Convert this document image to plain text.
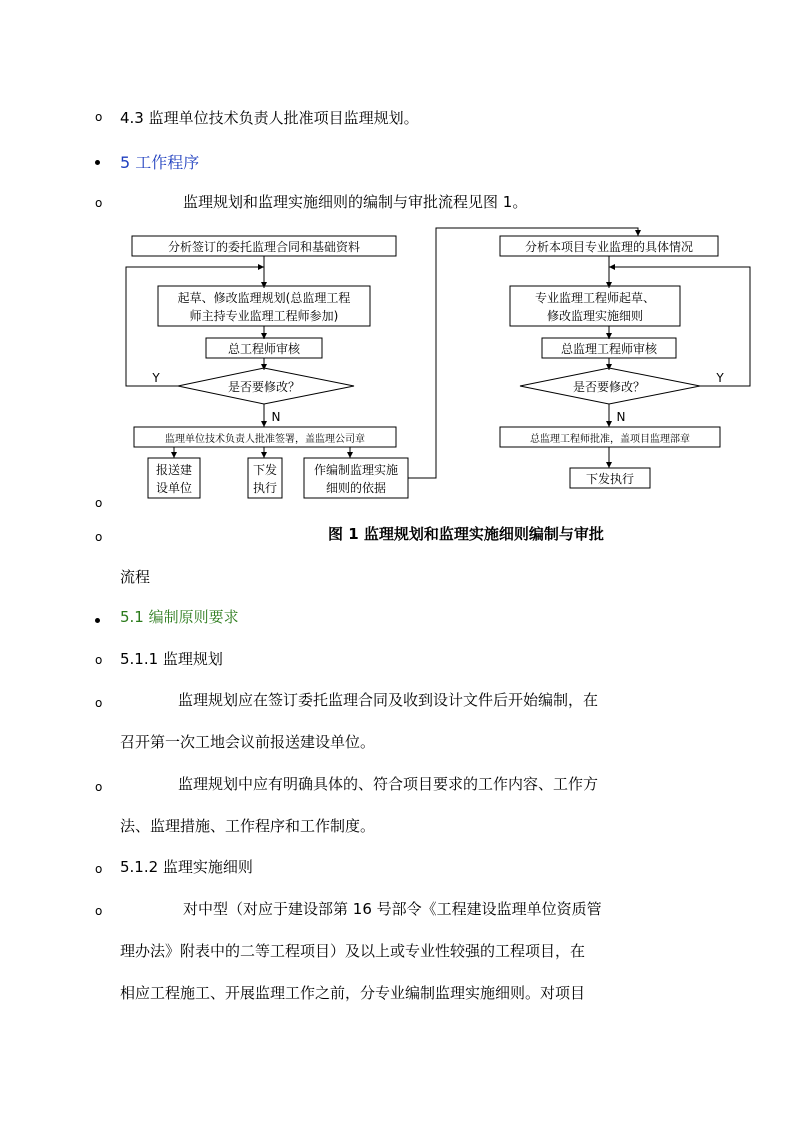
o 4.3 监理单位技术负责人批准项目监理规划。
5 工作程序
o	监理规划和监理实施细则的编制与审批流程见图 1。
分析签订的委托监理合同和基础资料
起草、修改监理规划(总监理工程
师主持专业监理工程师参加)
总工程师审核
是否要修改？
Y
N
监理单位技术负责人批准签署，盖监理公司章
报送建
设单位
下发
执行
作编制监理实施
细则的依据
分析本项目专业监理的具体情况
专业监理工程师起草、
修改监理实施细则
总监理工程师审核
是否要修改？
Y
N
总监理工程师批准，盖项目监理部章
下发执行
o
o	图 1 监理规划和监理实施细则编制与审批
流程
5.1 编制原则要求
o 5.1.1 监理规划
o	监理规划应在签订委托监理合同及收到设计文件后开始编制，在
召开第一次工地会议前报送建设单位。
o	监理规划中应有明确具体的、符合项目要求的工作内容、工作方
法、监理措施、工作程序和工作制度。
o 5.1.2 监理实施细则
o	对中型（对应于建设部第 16 号部令《工程建设监理单位资质管
理办法》附表中的二等工程项目）及以上或专业性较强的工程项目，在
相应工程施工、开展监理工作之前，分专业编制监理实施细则。对项目
